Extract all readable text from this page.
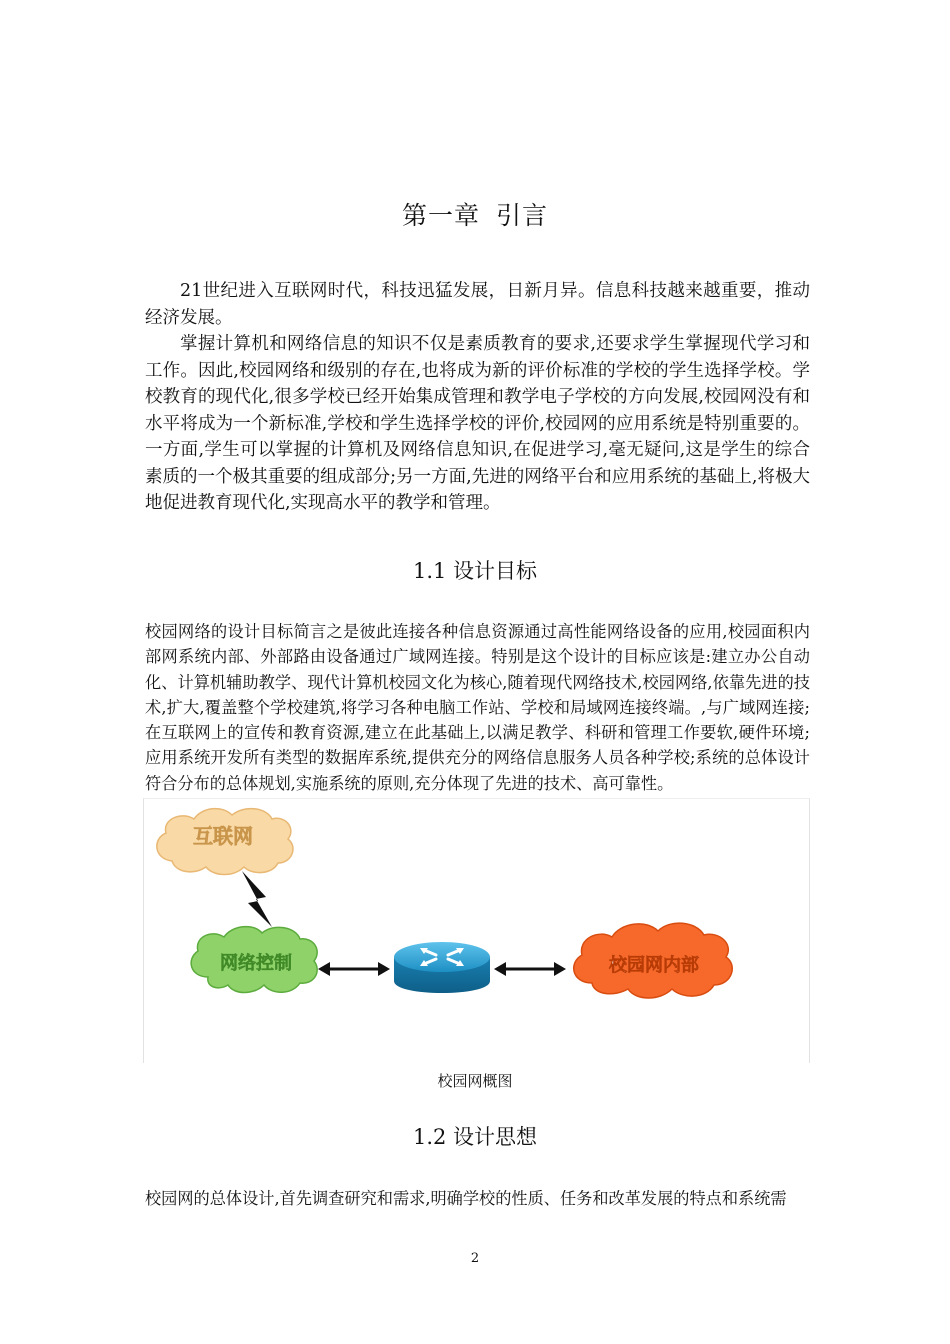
第一章 引言

21世纪进入互联网时代，科技迅猛发展，日新月异。信息科技越来越重要，推动经济发展。

掌握计算机和网络信息的知识不仅是素质教育的要求,还要求学生掌握现代学习和工作。因此,校园网络和级别的存在,也将成为新的评价标准的学校的学生选择学校。学校教育的现代化,很多学校已经开始集成管理和教学电子学校的方向发展,校园网没有和水平将成为一个新标准,学校和学生选择学校的评价,校园网的应用系统是特别重要的。一方面,学生可以掌握的计算机及网络信息知识,在促进学习,毫无疑问,这是学生的综合素质的一个极其重要的组成部分;另一方面,先进的网络平台和应用系统的基础上,将极大地促进教育现代化,实现高水平的教学和管理。

1.1 设计目标

校园网络的设计目标简言之是彼此连接各种信息资源通过高性能网络设备的应用,校园面积内部网系统内部、外部路由设备通过广域网连接。特别是这个设计的目标应该是:建立办公自动化、计算机辅助教学、现代计算机校园文化为核心,随着现代网络技术,校园网络,依靠先进的技术,扩大,覆盖整个学校建筑,将学习各种电脑工作站、学校和局域网连接终端。,与广域网连接;在互联网上的宣传和教育资源,建立在此基础上,以满足教学、科研和管理工作要软,硬件环境;应用系统开发所有类型的数据库系统,提供充分的网络信息服务人员各种学校;系统的总体设计符合分布的总体规划,实施系统的原则,充分体现了先进的技术、高可靠性。

互联网
网络控制	校园网内部
校园网概图
1.2 设计思想

校园网的总体设计,首先调查研究和需求,明确学校的性质、任务和改革发展的特点和系统需

2
